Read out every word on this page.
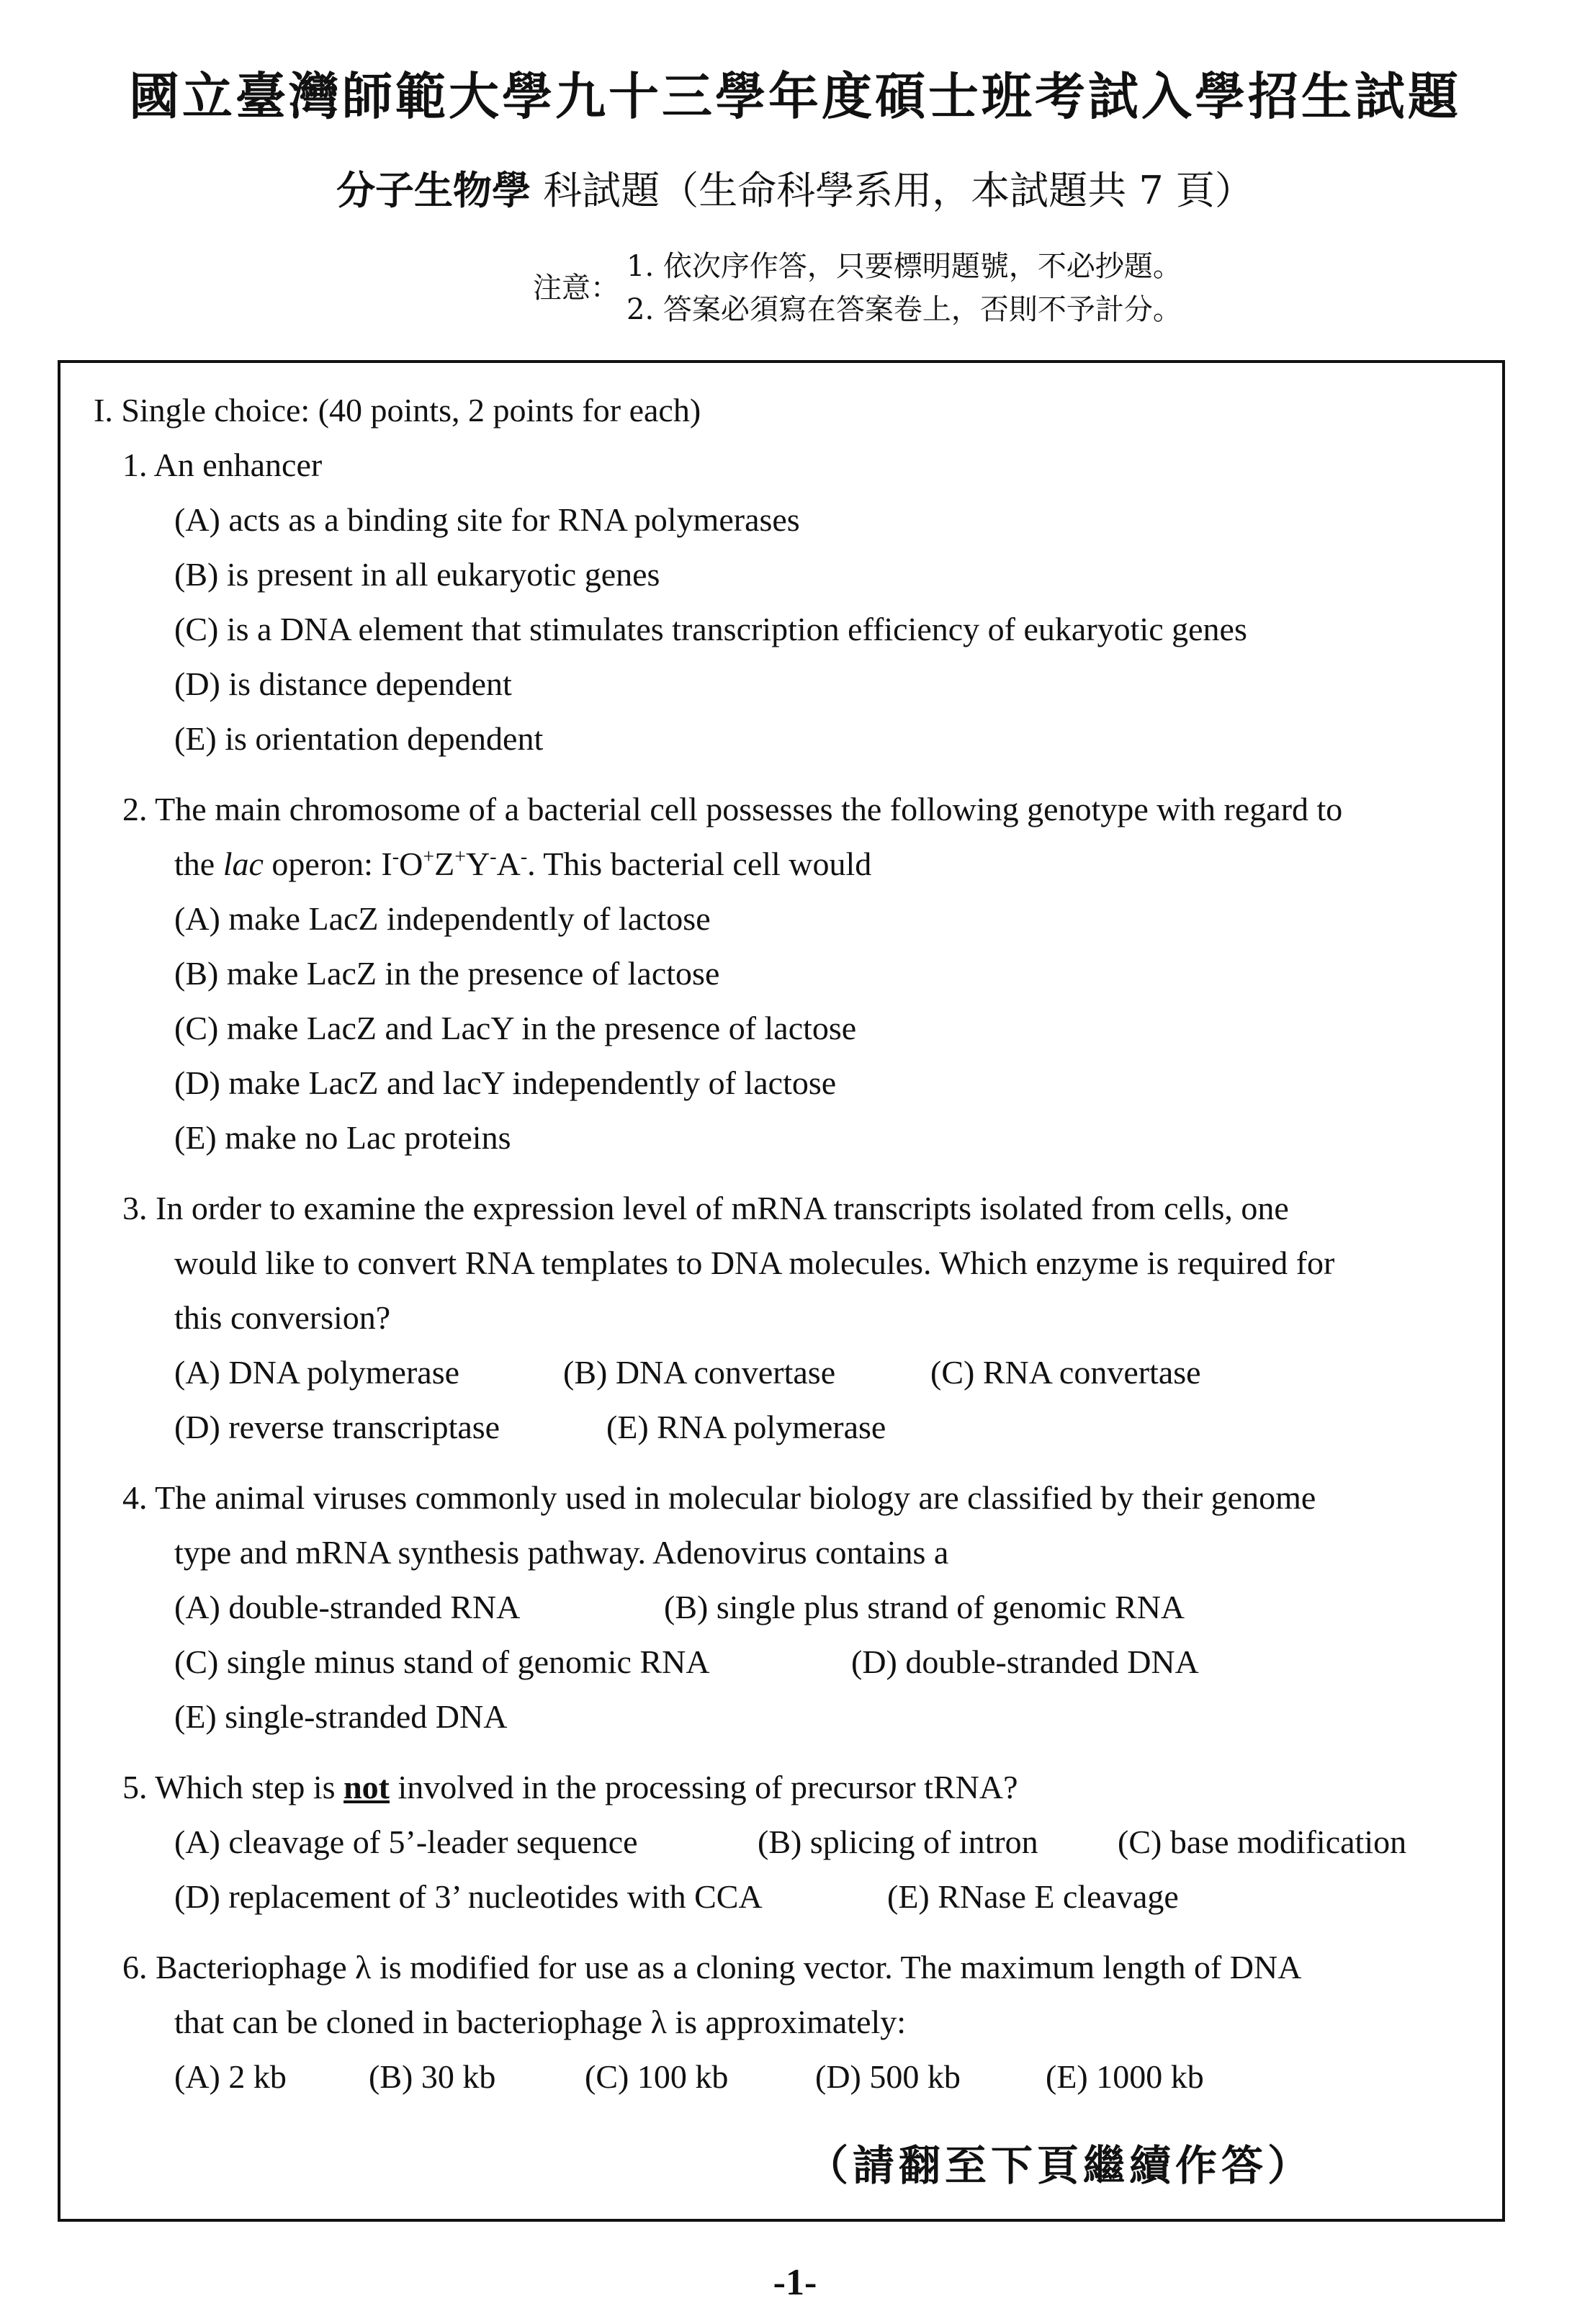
國立臺灣師範大學九十三學年度碩士班考試入學招生試題
分子生物學 科試題（生命科學系用，本試題共 7 頁）
注意：
1. 依次序作答，只要標明題號，不必抄題。
2. 答案必須寫在答案卷上，否則不予計分。
I. Single choice: (40 points, 2 points for each)
1. An enhancer
(A) acts as a binding site for RNA polymerases
(B) is present in all eukaryotic genes
(C) is a DNA element that stimulates transcription efficiency of eukaryotic genes
(D) is distance dependent
(E) is orientation dependent
2. The main chromosome of a bacterial cell possesses the following genotype with regard to
the lac operon: I-O+Z+Y-A-. This bacterial cell would
(A) make LacZ independently of lactose
(B) make LacZ in the presence of lactose
(C) make LacZ and LacY in the presence of lactose
(D) make LacZ and lacY independently of lactose
(E) make no Lac proteins
3. In order to examine the expression level of mRNA transcripts isolated from cells, one
would like to convert RNA templates to DNA molecules. Which enzyme is required for
this conversion?
(A) DNA polymerase	(B) DNA convertase	(C) RNA convertase
(D) reverse transcriptase	(E) RNA polymerase
4. The animal viruses commonly used in molecular biology are classified by their genome
type and mRNA synthesis pathway. Adenovirus contains a
(A) double-stranded RNA	(B) single plus strand of genomic RNA
(C) single minus stand of genomic RNA	(D) double-stranded DNA
(E) single-stranded DNA
5. Which step is not involved in the processing of precursor tRNA?
(A) cleavage of 5’-leader sequence	(B) splicing of intron (C) base modification
(D) replacement of 3’ nucleotides with CCA	(E) RNase E cleavage
6. Bacteriophage λ is modified for use as a cloning vector. The maximum length of DNA
that can be cloned in bacteriophage λ is approximately:
(A) 2 kb (B) 30 kb	(C) 100 kb	(D) 500 kb	(E) 1000 kb
（請翻至下頁繼續作答）
-1-
